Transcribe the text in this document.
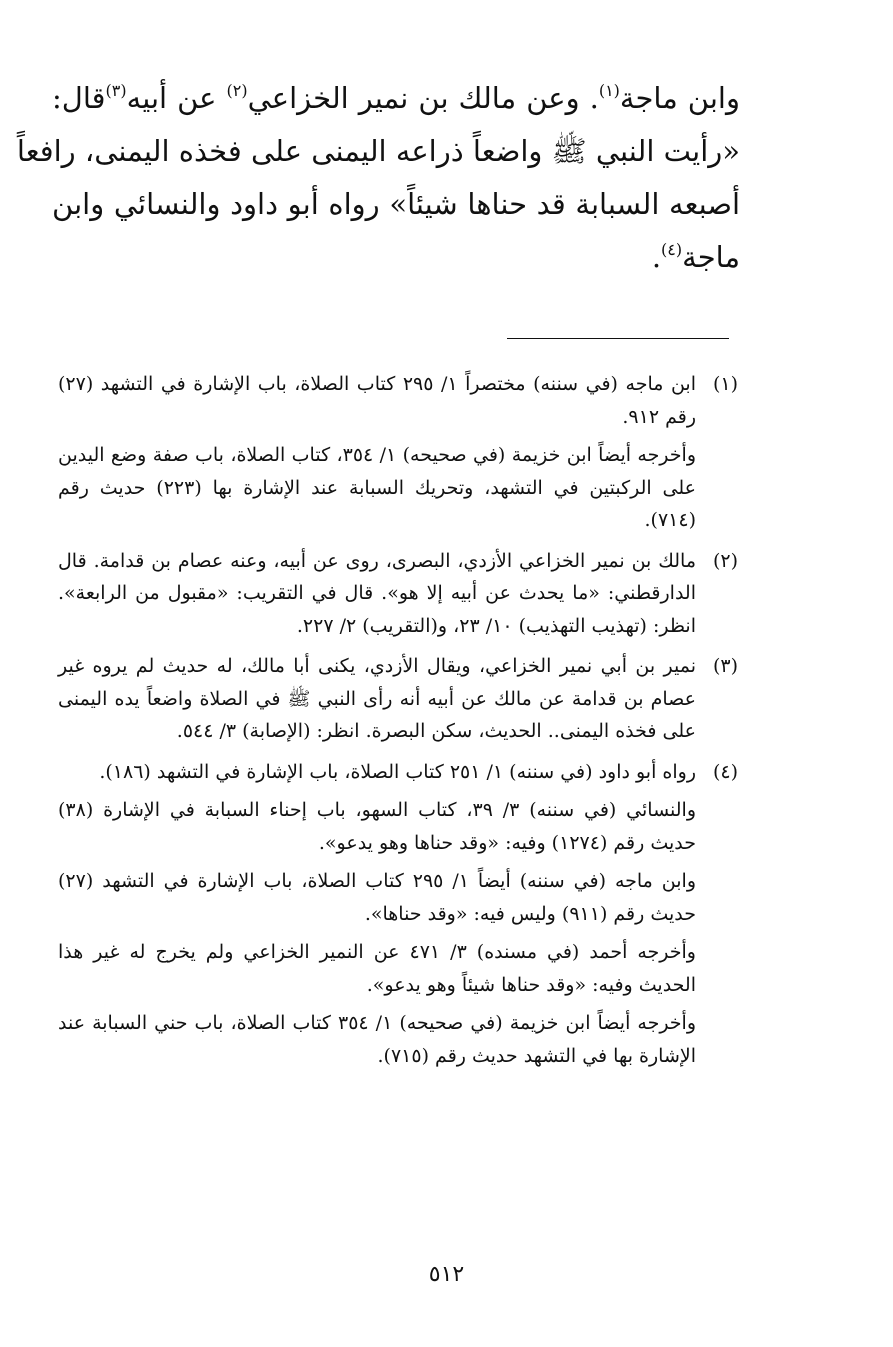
وابن ماجة$^{(١)}$. وعن مالك بن نمير الخزاعي$^{(٢)}$ عن أبيه$^{(٣)}$قال:
«رأيت النبي ﷺ واضعاً ذراعه اليمنى على فخذه اليمنى، رافعاً
أصبعه السبابة قد حناها شيئاً» رواه أبو داود والنسائي وابن
ماجة$^{(٤)}$.
(١)

ابن ماجه (في سننه) مختصراً ١/ ٢٩٥ كتاب الصلاة، باب الإشارة في التشهد (٢٧) رقم ٩١٢.

وأخرجه أيضاً ابن خزيمة (في صحيحه) ١/ ٣٥٤، كتاب الصلاة، باب صفة وضع اليدين على الركبتين في التشهد، وتحريك السبابة عند الإشارة بها (٢٢٣) حديث رقم (٧١٤).

(٢)

مالك بن نمير الخزاعي الأزدي، البصرى، روى عن أبيه، وعنه عصام بن قدامة. قال الدارقطني: «ما يحدث عن أبيه إلا هو». قال في التقريب: «مقبول من الرابعة». انظر: (تهذيب التهذيب) ١٠/ ٢٣، و(التقريب) ٢/ ٢٢٧.

(٣)

نمير بن أبي نمير الخزاعي، ويقال الأزدي، يكنى أبا مالك، له حديث لم يروه غير عصام بن قدامة عن مالك عن أبيه أنه رأى النبي ﷺ في الصلاة واضعاً يده اليمنى على فخذه اليمنى.. الحديث، سكن البصرة. انظر: (الإصابة) ٣/ ٥٤٤.

(٤)

رواه أبو داود (في سننه) ١/ ٢٥١ كتاب الصلاة، باب الإشارة في التشهد (١٨٦).

والنسائي (في سننه) ٣/ ٣٩، كتاب السهو، باب إحناء السبابة في الإشارة (٣٨) حديث رقم (١٢٧٤) وفيه: «وقد حناها وهو يدعو».

وابن ماجه (في سننه) أيضاً ١/ ٢٩٥ كتاب الصلاة، باب الإشارة في التشهد (٢٧) حديث رقم (٩١١) وليس فيه: «وقد حناها».

وأخرجه أحمد (في مسنده) ٣/ ٤٧١ عن النمير الخزاعي ولم يخرج له غير هذا الحديث وفيه: «وقد حناها شيئاً وهو يدعو».

وأخرجه أيضاً ابن خزيمة (في صحيحه) ١/ ٣٥٤ كتاب الصلاة، باب حني السبابة عند الإشارة بها في التشهد حديث رقم (٧١٥).

٥١٢
